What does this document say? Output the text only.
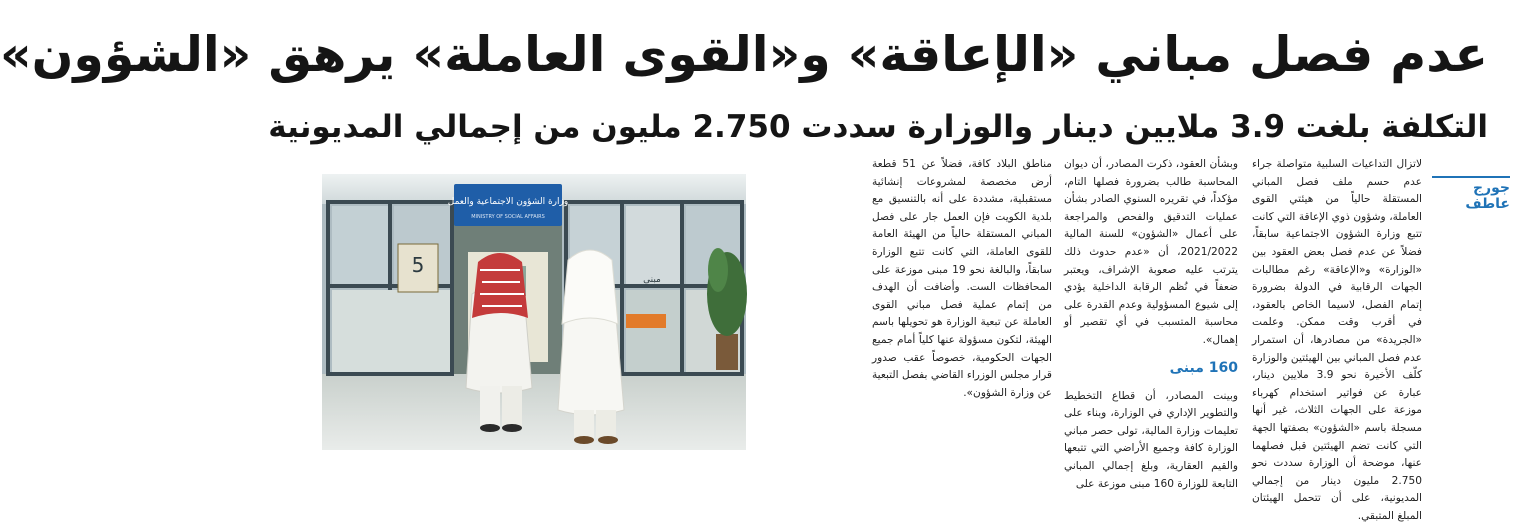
عدم فصل مباني «الإعاقة» و«القوى العاملة» يرهق «الشؤون»
التكلفة بلغت 3.9 ملايين دينار والوزارة سددت 2.750 مليون من إجمالي المديونية
جورج عاطف

لاتزال التداعيات السلبية متواصلة جراء عدم حسم ملف فصل المباني المستقلة حالياً من هيئتي القوى العاملة، وشؤون ذوي الإعاقة التي كانت تتبع وزارة الشؤون الاجتماعية سابقاً، فضلاً عن عدم فصل بعض العقود بين «الوزارة» و«الإعاقة» رغم مطالبات الجهات الرقابية في الدولة بضرورة إتمام الفصل، لاسيما الخاص بالعقود، في أقرب وقت ممكن. وعلمت «الجريدة» من مصادرها، أن استمرار عدم فصل المباني بين الهيئتين والوزارة كلّف الأخيرة نحو 3.9 ملايين دينار، عبارة عن فواتير استخدام كهرباء موزعة على الجهات الثلاث، غير أنها مسجلة باسم «الشؤون» بصفتها الجهة التي كانت تضم الهيئتين قبل فصلهما عنها، موضحة أن الوزارة سددت نحو 2.750 مليون دينار من إجمالي المديونية، على أن تتحمل الهيئتان المبلغ المتبقي.

وبشأن العقود، ذكرت المصادر، أن ديوان المحاسبة طالب بضرورة فصلها التام، مؤكداً، في تقريره السنوي الصادر بشأن عمليات التدقيق والفحص والمراجعة على أعمال «الشؤون» للسنة المالية 2021/2022، أن «عدم حدوث ذلك يترتب عليه صعوبة الإشراف، ويعتبر ضعفاً في نُظم الرقابة الداخلية يؤدي إلى شيوع المسؤولية وعدم القدرة على محاسبة المتسبب في أي تقصير أو إهمال».

160 مبنى

وبينت المصادر، أن قطاع التخطيط والتطوير الإداري في الوزارة، وبناء على تعليمات وزارة المالية، تولى حصر مباني الوزارة كافة وجميع الأراضي التي تتبعها والقيم العقارية، وبلغ إجمالي المباني التابعة للوزارة 160 مبنى موزعة على

مناطق البلاد كافة، فضلاً عن 51 قطعة أرض مخصصة لمشروعات إنشائية مستقبلية، مشددة على أنه بالتنسيق مع بلدية الكويت فإن العمل جار على فصل المباني المستقلة حالياً من الهيئة العامة للقوى العاملة، التي كانت تتبع الوزارة سابقاً، والبالغة نحو 19 مبنى موزعة على المحافظات الست. وأضافت أن الهدف من إتمام عملية فصل مباني القوى العاملة عن تبعية الوزارة هو تحويلها باسم الهيئة، لتكون مسؤولة عنها كلياً أمام جميع الجهات الحكومية، خصوصاً عقب صدور قرار مجلس الوزراء القاضي بفصل التبعية عن وزارة الشؤون».

5
وزارة الشؤون الاجتماعية والعمل
MINISTRY OF SOCIAL AFFAIRS
مبنى
